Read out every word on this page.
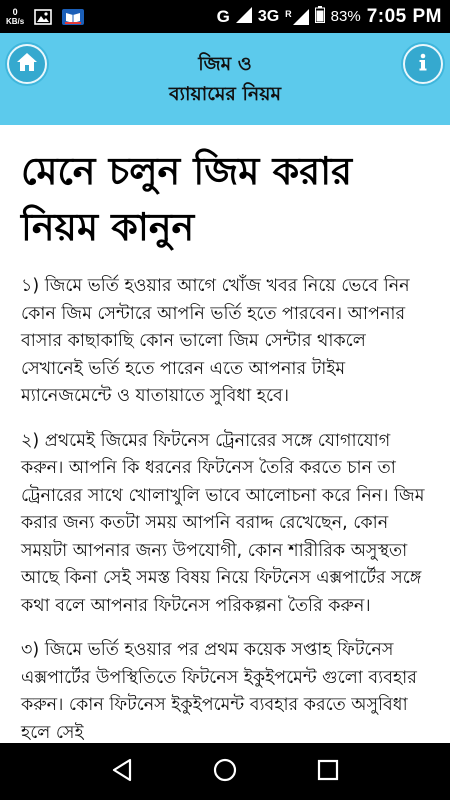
0
KB/s	G 3G R	83% 7:05 PM
জিম ও
ব্যায়ামের নিয়ম
মেনে চলুন জিম করার নিয়ম কানুন

১) জিমে ভর্তি হওয়ার আগে খোঁজ খবর নিয়ে ভেবে নিন কোন জিম সেন্টারে আপনি ভর্তি হতে পারবেন। আপনার বাসার কাছাকাছি কোন ভালো জিম সেন্টার থাকলে সেখানেই ভর্তি হতে পারেন এতে আপনার টাইম ম্যানেজমেন্টে ও যাতায়াতে সুবিধা হবে।

২) প্রথমেই জিমের ফিটনেস ট্রেনারের সঙ্গে যোগাযোগ করুন। আপনি কি ধরনের ফিটনেস তৈরি করতে চান তা ট্রেনারের সাথে খোলাখুলি ভাবে আলোচনা করে নিন। জিম করার জন্য কতটা সময় আপনি বরাদ্দ রেখেছেন, কোন সময়টা আপনার জন্য উপযোগী, কোন শারীরিক অসুস্থতা আছে কিনা সেই সমস্ত বিষয় নিয়ে ফিটনেস এক্সপার্টের সঙ্গে কথা বলে আপনার ফিটনেস পরিকল্পনা তৈরি করুন।

৩) জিমে ভর্তি হওয়ার পর প্রথম কয়েক সপ্তাহ ফিটনেস এক্সপার্টের উপস্থিতিতে ফিটনেস ইকুইপমেন্ট গুলো ব্যবহার করুন। কোন ফিটনেস ইকুইপমেন্ট ব্যবহার করতে অসুবিধা হলে সেই
